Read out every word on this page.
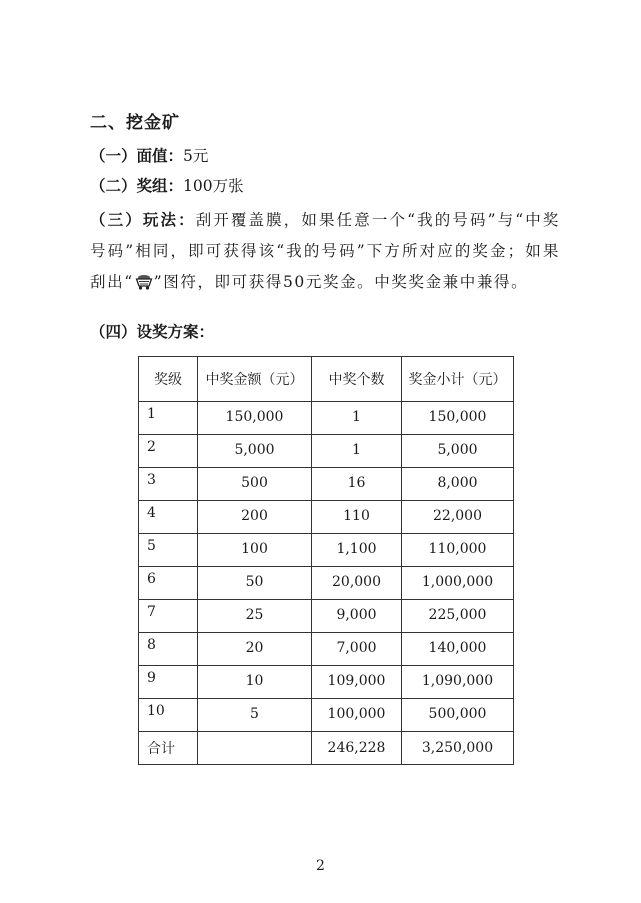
二、挖金矿
（一）面值：5元
（二）奖组：100万张
（三）玩法：刮开覆盖膜，如果任意一个“我的号码”与“中奖号码”相同，即可获得该“我的号码”下方所对应的奖金；如果刮出“ ”图符，即可获得50元奖金。中奖奖金兼中兼得。
（四）设奖方案：
奖级	中奖金额（元）	中奖个数	奖金小计（元）
1	150,000	1	150,000
2	5,000	1	5,000
3	500	16	8,000
4	200	110	22,000
5	100	1,100	110,000
6	50	20,000	1,000,000
7	25	9,000	225,000
8	20	7,000	140,000
9	10	109,000	1,090,000
10	5	100,000	500,000
合计		246,228	3,250,000
2
